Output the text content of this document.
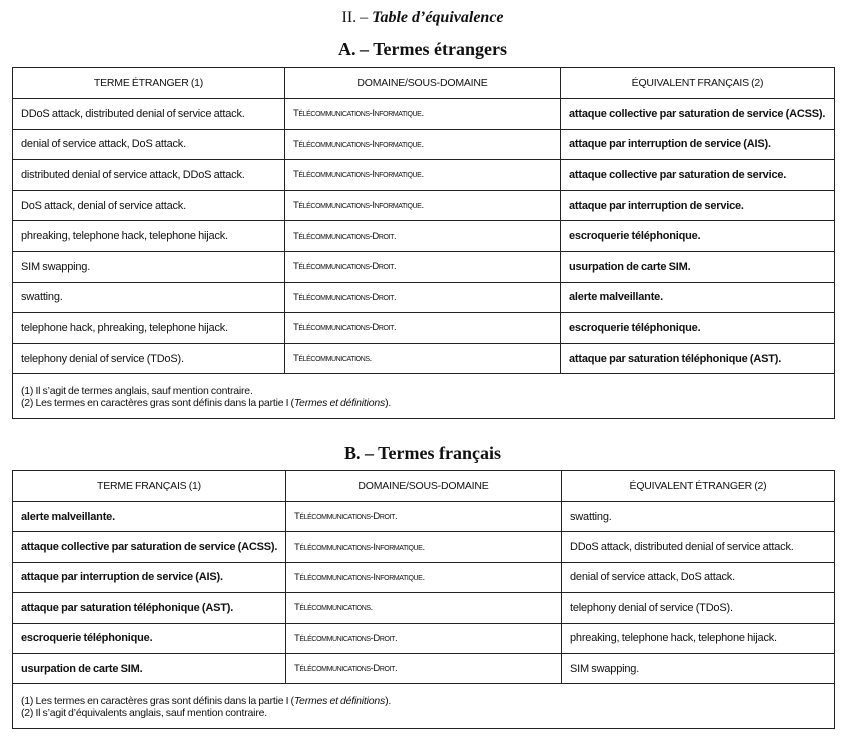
II. – Table d’équivalence
A. – Termes étrangers
TERME ÉTRANGER (1)	DOMAINE/SOUS-DOMAINE	ÉQUIVALENT FRANÇAIS (2)
DDoS attack, distributed denial of service attack.	Télécommunications-Informatique.	attaque collective par saturation de service (ACSS).
denial of service attack, DoS attack.	Télécommunications-Informatique.	attaque par interruption de service (AIS).
distributed denial of service attack, DDoS attack.	Télécommunications-Informatique.	attaque collective par saturation de service.
DoS attack, denial of service attack.	Télécommunications-Informatique.	attaque par interruption de service.
phreaking, telephone hack, telephone hijack.	Télécommunications-Droit.	escroquerie téléphonique.
SIM swapping.	Télécommunications-Droit.	usurpation de carte SIM.
swatting.	Télécommunications-Droit.	alerte malveillante.
telephone hack, phreaking, telephone hijack.	Télécommunications-Droit.	escroquerie téléphonique.
telephony denial of service (TDoS).	Télécommunications.	attaque par saturation téléphonique (AST).

(1) Il s’agit de termes anglais, sauf mention contraire.
(2) Les termes en caractères gras sont définis dans la partie I (Termes et définitions).		
B. – Termes français
TERME FRANÇAIS (1)	DOMAINE/SOUS-DOMAINE	ÉQUIVALENT ÉTRANGER (2)
alerte malveillante.	Télécommunications-Droit.	swatting.
attaque collective par saturation de service (ACSS).	Télécommunications-Informatique.	DDoS attack, distributed denial of service attack.
attaque par interruption de service (AIS).	Télécommunications-Informatique.	denial of service attack, DoS attack.
attaque par saturation téléphonique (AST).	Télécommunications.	telephony denial of service (TDoS).
escroquerie téléphonique.	Télécommunications-Droit.	phreaking, telephone hack, telephone hijack.
usurpation de carte SIM.	Télécommunications-Droit.	SIM swapping.

(1) Les termes en caractères gras sont définis dans la partie I (Termes et définitions).
(2) Il s’agit d’équivalents anglais, sauf mention contraire.		
